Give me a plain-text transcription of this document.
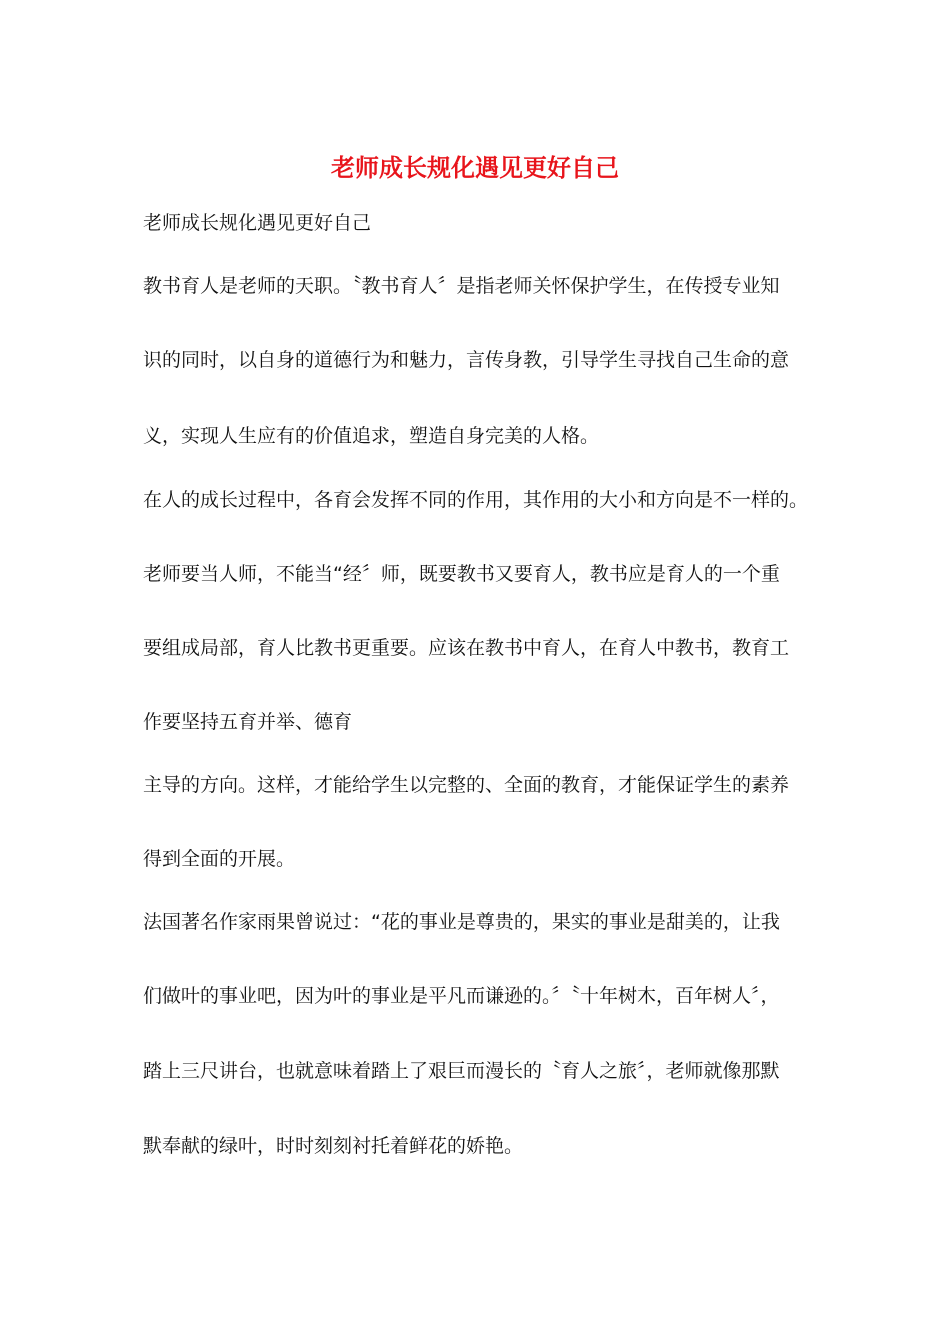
老师成长规化遇见更好自己
老师成长规化遇见更好自己
教书育人是老师的天职。〝教书育人〞是指老师关怀保护学生，在传授专业知
识的同时，以自身的道德行为和魅力，言传身教，引导学生寻找自己生命的意
义，实现人生应有的价值追求，塑造自身完美的人格。
在人的成长过程中，各育会发挥不同的作用，其作用的大小和方向是不一样的。
老师要当人师，不能当“经〞师，既要教书又要育人，教书应是育人的一个重
要组成局部，育人比教书更重要。应该在教书中育人，在育人中教书，教育工
作要坚持五育并举、德育
主导的方向。这样，才能给学生以完整的、全面的教育，才能保证学生的素养
得到全面的开展。
法国著名作家雨果曾说过：“花的事业是尊贵的，果实的事业是甜美的，让我
们做叶的事业吧，因为叶的事业是平凡而谦逊的。〞〝十年树木，百年树人〞，
踏上三尺讲台，也就意味着踏上了艰巨而漫长的〝育人之旅〞，老师就像那默
默奉献的绿叶，时时刻刻衬托着鲜花的娇艳。
